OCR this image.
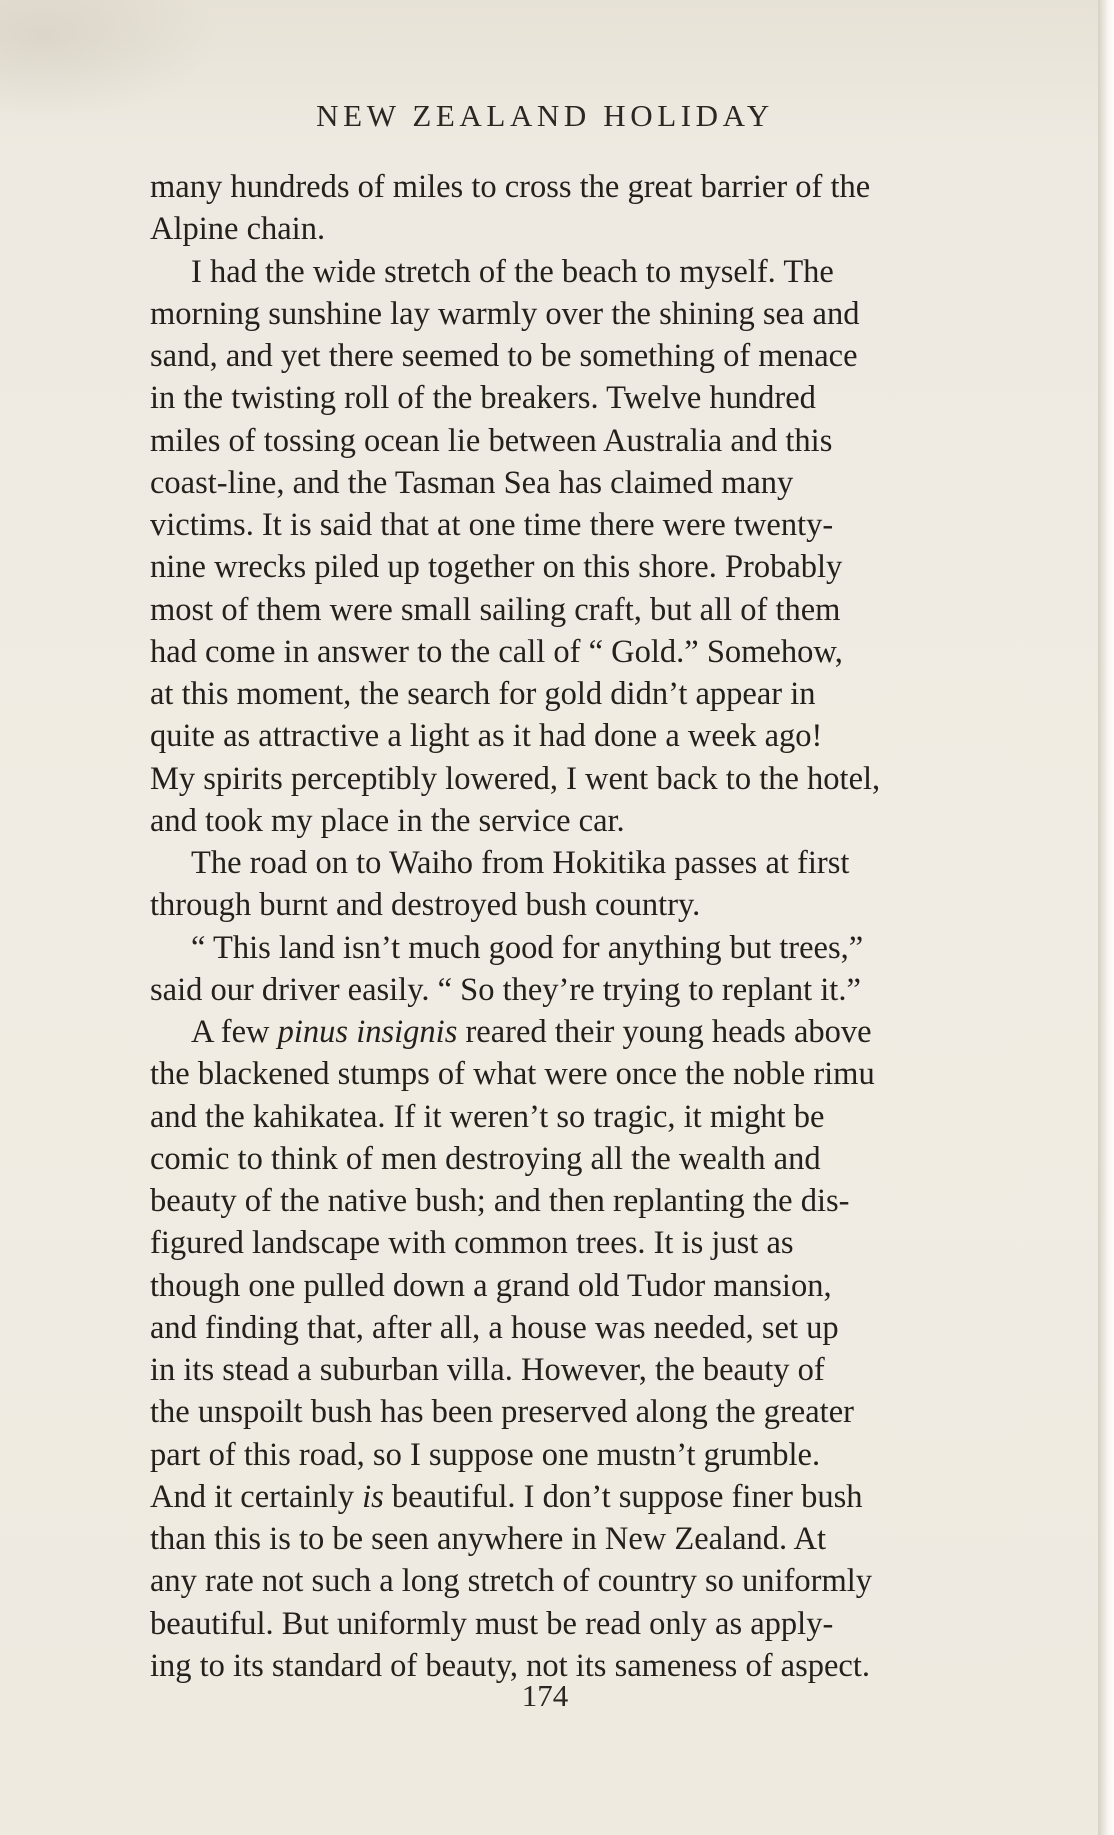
NEW ZEALAND HOLIDAY
many hundreds of miles to cross the great barrier of the
Alpine chain.
I had the wide stretch of the beach to myself. The
morning sunshine lay warmly over the shining sea and
sand, and yet there seemed to be something of menace
in the twisting roll of the breakers. Twelve hundred
miles of tossing ocean lie between Australia and this
coast-line, and the Tasman Sea has claimed many
victims. It is said that at one time there were twenty-
nine wrecks piled up together on this shore. Probably
most of them were small sailing craft, but all of them
had come in answer to the call of “ Gold.” Somehow,
at this moment, the search for gold didn’t appear in
quite as attractive a light as it had done a week ago!
My spirits perceptibly lowered, I went back to the hotel,
and took my place in the service car.
The road on to Waiho from Hokitika passes at first
through burnt and destroyed bush country.
“ This land isn’t much good for anything but trees,”
said our driver easily. “ So they’re trying to replant it.”
A few pinus insignis reared their young heads above
the blackened stumps of what were once the noble rimu
and the kahikatea. If it weren’t so tragic, it might be
comic to think of men destroying all the wealth and
beauty of the native bush; and then replanting the dis-
figured landscape with common trees. It is just as
though one pulled down a grand old Tudor mansion,
and finding that, after all, a house was needed, set up
in its stead a suburban villa. However, the beauty of
the unspoilt bush has been preserved along the greater
part of this road, so I suppose one mustn’t grumble.
And it certainly is beautiful. I don’t suppose finer bush
than this is to be seen anywhere in New Zealand. At
any rate not such a long stretch of country so uniformly
beautiful. But uniformly must be read only as apply-
ing to its standard of beauty, not its sameness of aspect.
174
